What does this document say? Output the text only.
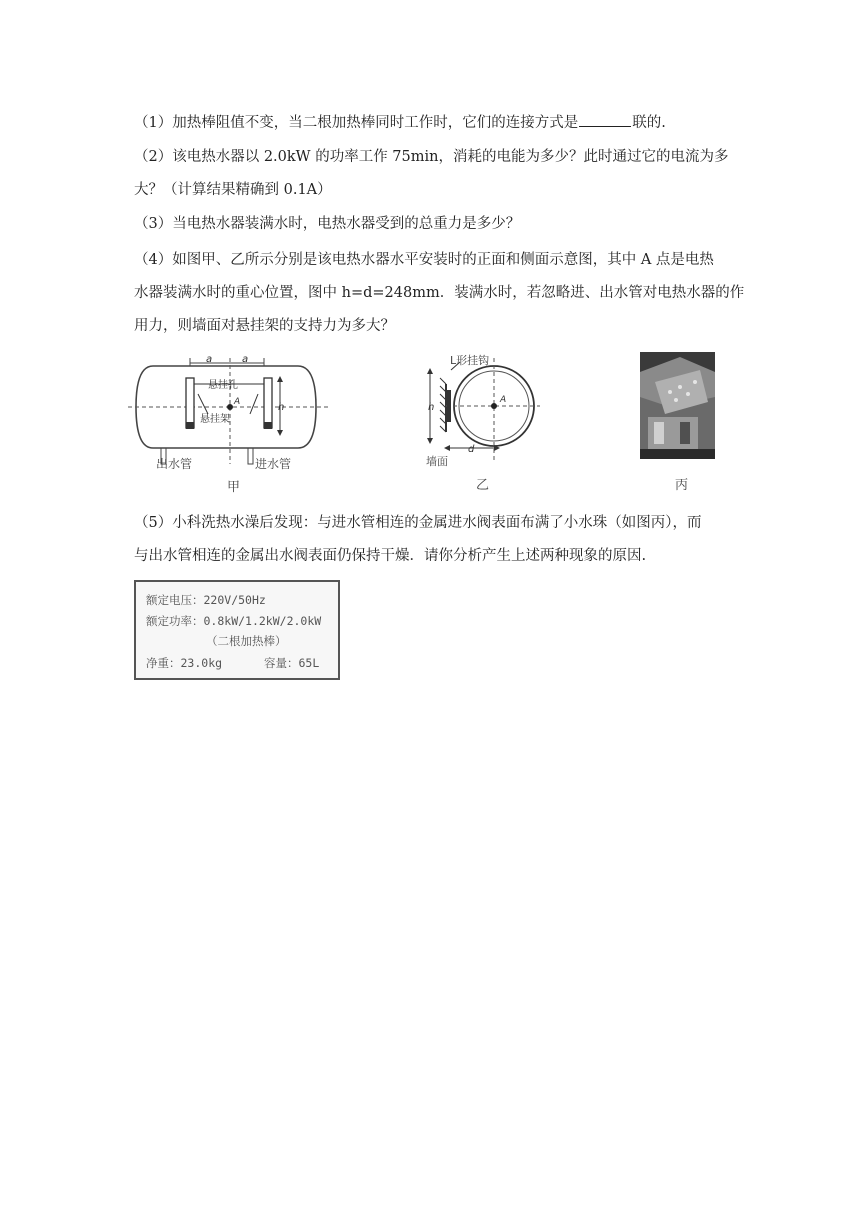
（1）加热棒阻值不变，当二根加热棒同时工作时，它们的连接方式是	联的.
（2）该电热水器以 2.0kW 的功率工作 75min，消耗的电能为多少？此时通过它的电流为多
大？（计算结果精确到 0.1A）
（3）当电热水器装满水时，电热水器受到的总重力是多少？
（4）如图甲、乙所示分别是该电热水器水平安装时的正面和侧面示意图，其中 A 点是电热
水器装满水时的重心位置，图中 h=d=248mm．装满水时，若忽略进、出水管对电热水器的作
用力，则墙面对悬挂架的支持力为多大？
a	a
悬挂孔
A
悬挂架
h
出水管	进水管
甲
A
h
d
L形挂钩
墙面
乙	丙
（5）小科洗热水澡后发现：与进水管相连的金属进水阀表面布满了小水珠（如图丙），而
与出水管相连的金属出水阀表面仍保持干燥．请你分析产生上述两种现象的原因.
额定电压：220V/50Hz
额定功率：0.8kW/1.2kW/2.0kW
（二根加热棒）
净重：23.0kg	容量：65L
